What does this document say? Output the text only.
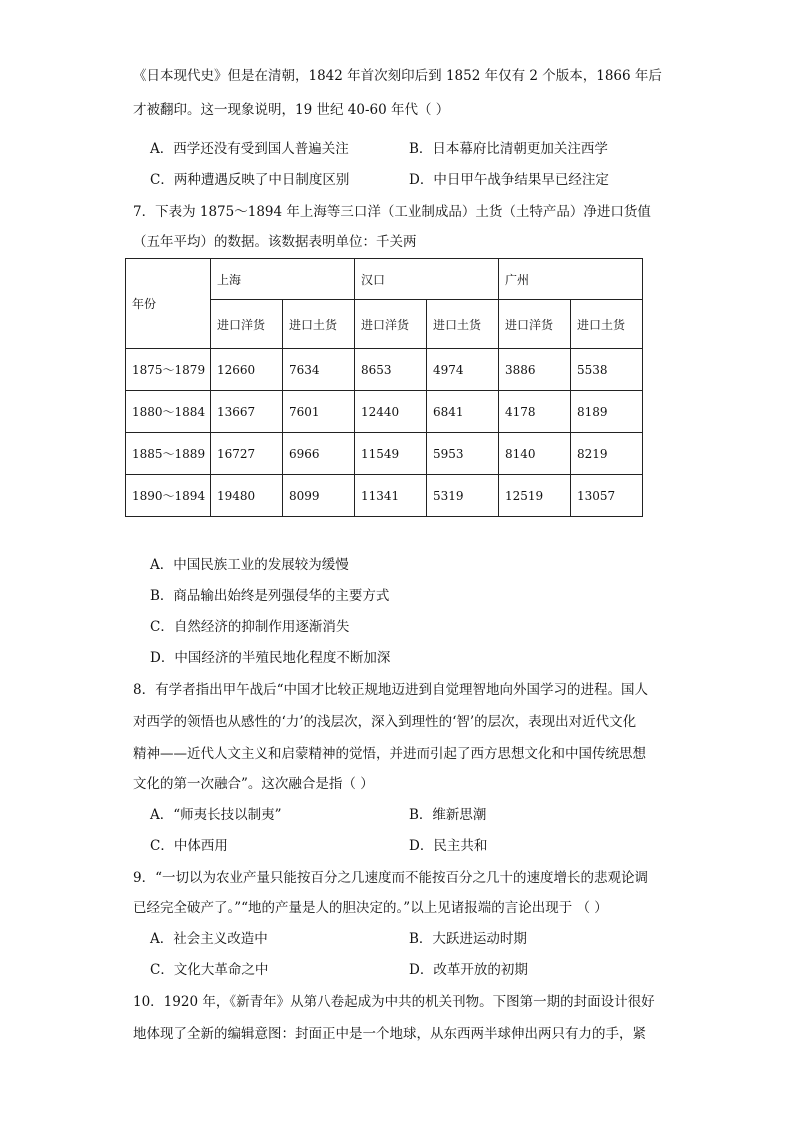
《日本现代史》但是在清朝，1842 年首次刻印后到 1852 年仅有 2 个版本，1866 年后
才被翻印。这一现象说明，19 世纪 40-60 年代（ ）
A．西学还没有受到国人普遍关注	B．日本幕府比清朝更加关注西学
C．两种遭遇反映了中日制度区别	D．中日甲午战争结果早已经注定
7．下表为 1875～1894 年上海等三口洋（工业制成品）土货（土特产品）净进口货值
（五年平均）的数据。该数据表明单位：千关两
年份	上海		汉口		广州	
	进口洋货	进口土货	进口洋货	进口土货	进口洋货	进口土货
1875～1879	12660	7634	8653	4974	3886	5538
1880～1884	13667	7601	12440	6841	4178	8189
1885～1889	16727	6966	11549	5953	8140	8219
1890～1894	19480	8099	11341	5319	12519	13057
A．中国民族工业的发展较为缓慢
B．商品输出始终是列强侵华的主要方式
C．自然经济的抑制作用逐渐消失
D．中国经济的半殖民地化程度不断加深
8．有学者指出甲午战后“中国才比较正规地迈进到自觉理智地向外国学习的进程。国人
对西学的领悟也从感性的‘力’的浅层次，深入到理性的‘智’的层次，表现出对近代文化
精神——近代人文主义和启蒙精神的觉悟，并进而引起了西方思想文化和中国传统思想
文化的第一次融合”。这次融合是指（ ）
A．“师夷长技以制夷”	B．维新思潮
C．中体西用	D．民主共和
9．“一切以为农业产量只能按百分之几速度而不能按百分之几十的速度增长的悲观论调
已经完全破产了。”“地的产量是人的胆决定的。”以上见诸报端的言论出现于 （ ）
A．社会主义改造中	B．大跃进运动时期
C．文化大革命之中	D．改革开放的初期
10．1920 年，《新青年》从第八卷起成为中共的机关刊物。下图第一期的封面设计很好
地体现了全新的编辑意图：封面正中是一个地球，从东西两半球伸出两只有力的手，紧
